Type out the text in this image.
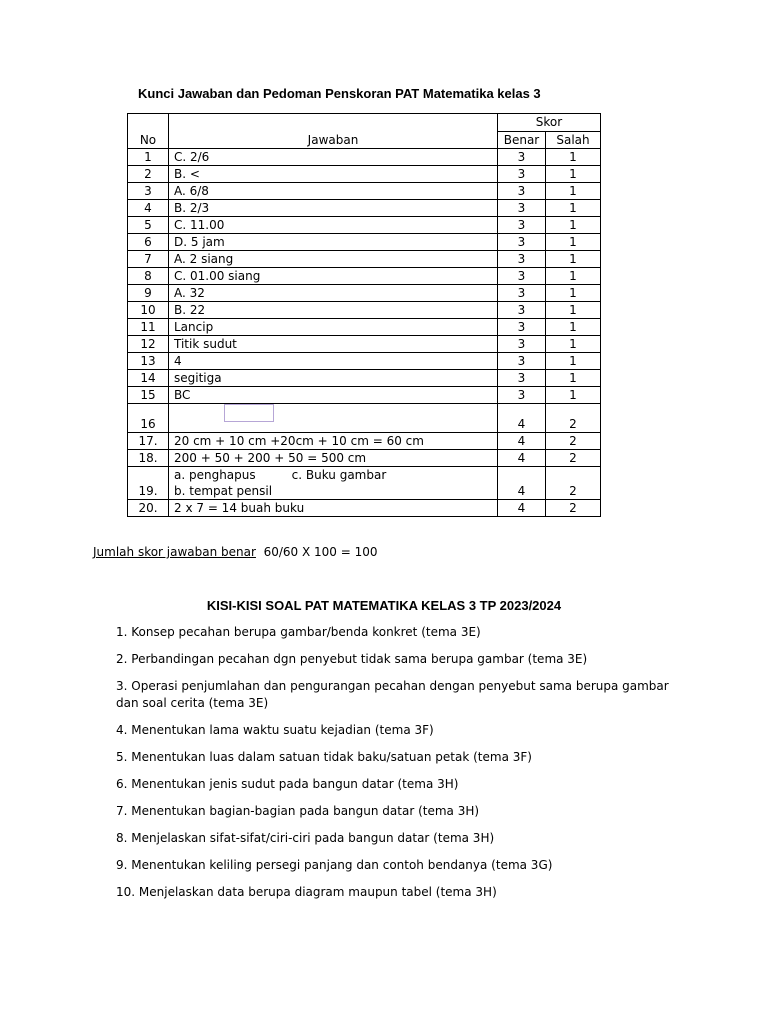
Kunci Jawaban dan Pedoman Penskoran PAT Matematika kelas 3
No	Jawaban	Skor	
		Benar	Salah
1	C. 2/6	3	1
2	B. <	3	1
3	A. 6/8	3	1
4	B. 2/3	3	1
5	C. 11.00	3	1
6	D. 5 jam	3	1
7	A. 2 siang	3	1
8	C. 01.00 siang	3	1
9	A. 32	3	1
10	B. 22	3	1
11	Lancip	3	1
12	Titik sudut	3	1
13	4	3	1
14	segitiga	3	1
15	BC	3	1
16		4	2
17.	20 cm + 10 cm +20cm + 10 cm = 60 cm	4	2
18.	200 + 50 + 200 + 50 = 500 cm	4	2
19.	a. penghapus c. Buku gambar
b. tempat pensil	4	2
20.	2 x 7 = 14 buah buku	4	2
Jumlah skor jawaban benar 60/60 X 100 = 100
KISI-KISI SOAL PAT MATEMATIKA KELAS 3 TP 2023/2024
1. Konsep pecahan berupa gambar/benda konkret (tema 3E)
2. Perbandingan pecahan dgn penyebut tidak sama berupa gambar (tema 3E)
3. Operasi penjumlahan dan pengurangan pecahan dengan penyebut sama berupa gambar dan soal cerita (tema 3E)
4. Menentukan lama waktu suatu kejadian (tema 3F)
5. Menentukan luas dalam satuan tidak baku/satuan petak (tema 3F)
6. Menentukan jenis sudut pada bangun datar (tema 3H)
7. Menentukan bagian-bagian pada bangun datar (tema 3H)
8. Menjelaskan sifat-sifat/ciri-ciri pada bangun datar (tema 3H)
9. Menentukan keliling persegi panjang dan contoh bendanya (tema 3G)
10. Menjelaskan data berupa diagram maupun tabel (tema 3H)
